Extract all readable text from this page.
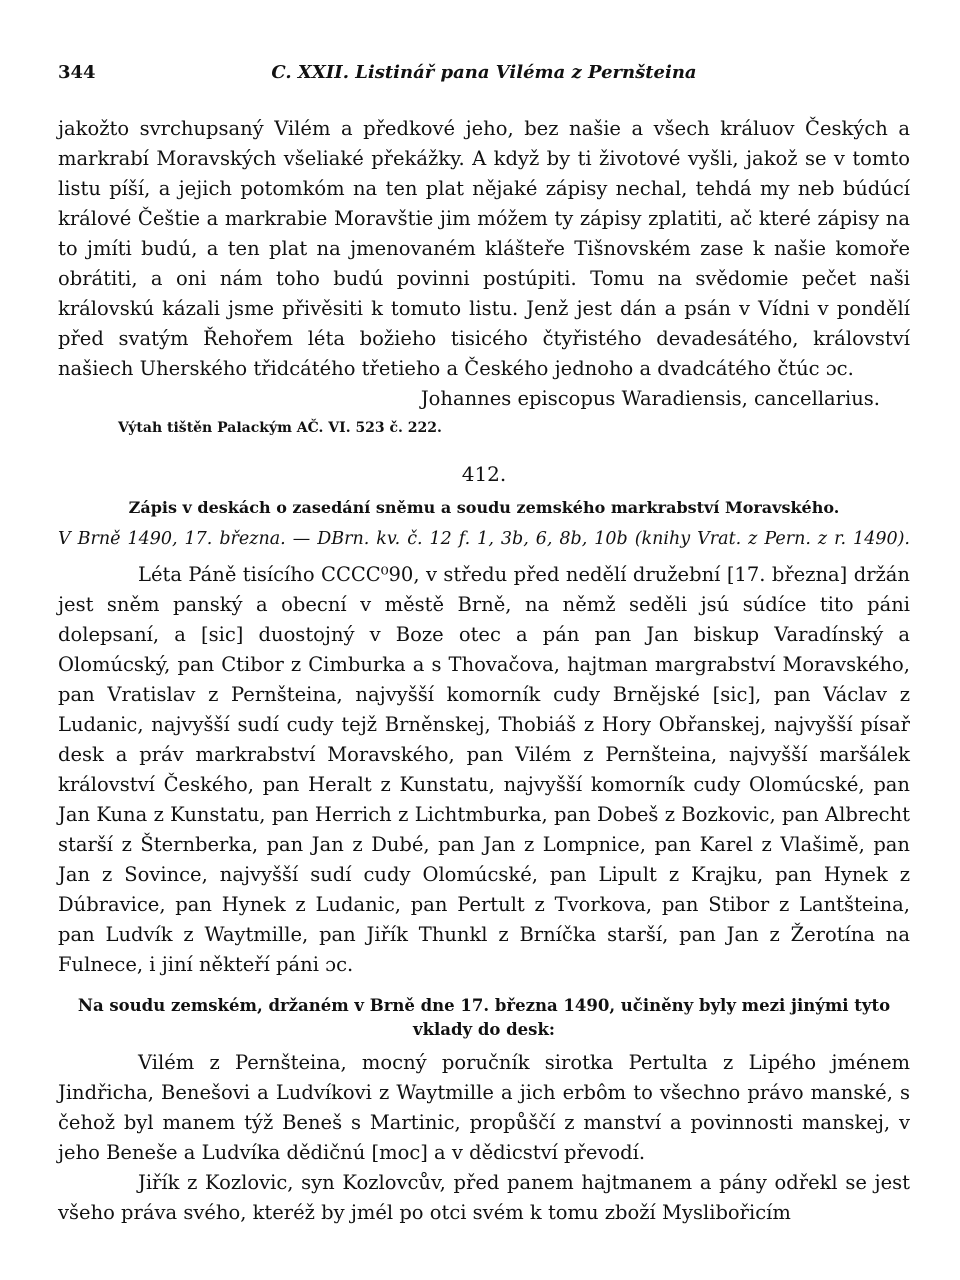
344	C. XXII. Listinář pana Viléma z Pernšteina

jakožto svrchupsaný Vilém a předkové jeho, bez našie a všech králuov Českých a markrabí Moravských všeliaké překážky. A když by ti životové vyšli, jakož se v tomto listu píší, a jejich potomkóm na ten plat nějaké zápisy nechal, tehdá my neb búdúcí králové Češtie a markrabie Moravštie jim móžem ty zápisy zplatiti, ač které zápisy na to jmíti budú, a ten plat na jmenovaném klášteře Tišnovském zase k našie komoře obrátiti, a oni nám toho budú povinni postúpiti. Tomu na svědomie pečet naši královskú kázali jsme přivěsiti k tomuto listu. Jenž jest dán a psán v Vídni v pondělí před svatým Řehořem léta božieho tisicého čtyřistého devadesátého, království našiech Uherského třidcátého třetieho a Českého jednoho a dvadcátého čtúc ɔc.

Johannes episcopus Waradiensis, cancellarius.

Výtah tištěn Palackým AČ. VI. 523 č. 222.
412.
Zápis v deskách o zasedání sněmu a soudu zemského markrabství Moravského.
V Brně 1490, 17. března. — DBrn. kv. č. 12 f. 1, 3b, 6, 8b, 10b (knihy Vrat. z Pern. z r. 1490).

Léta Páně tisícího CCCC⁰90, v středu před nedělí družební [17. března] držán jest sněm panský a obecní v městě Brně, na němž seděli jsú súdíce tito páni dolepsaní, a [sic] duostojný v Boze otec a pán pan Jan biskup Varadínský a Olomúcský, pan Ctibor z Cimburka a s Thovačova, hajtman margrabství Moravského, pan Vratislav z Pernšteina, najvyšší komorník cudy Brnějské [sic], pan Václav z Ludanic, najvyšší sudí cudy tejž Brněnskej, Thobiáš z Hory Obřanskej, najvyšší písař desk a práv markrabství Moravského, pan Vilém z Pernšteina, najvyšší maršálek království Českého, pan Heralt z Kunstatu, najvyšší komorník cudy Olomúcské, pan Jan Kuna z Kunstatu, pan Herrich z Lichtmburka, pan Dobeš z Bozkovic, pan Albrecht starší z Šternberka, pan Jan z Dubé, pan Jan z Lompnice, pan Karel z Vlašimě, pan Jan z Sovince, najvyšší sudí cudy Olomúcské, pan Lipult z Krajku, pan Hynek z Dúbravice, pan Hynek z Ludanic, pan Pertult z Tvorkova, pan Stibor z Lantšteina, pan Ludvík z Waytmille, pan Jiřík Thunkl z Brníčka starší, pan Jan z Žerotína na Fulnece, i jiní někteří páni ɔc.

Na soudu zemském, držaném v Brně dne 17. března 1490, učiněny byly mezi jinými tyto vklady do desk:

Vilém z Pernšteina, mocný poručník sirotka Pertulta z Lipého jménem Jindřicha, Benešovi a Ludvíkovi z Waytmille a jich erbôm to všechno právo manské, s čehož byl manem týž Beneš s Martinic, propůščí z manství a povinnosti manskej, v jeho Beneše a Ludvíka dědičnú [moc] a v dědicství převodí.

Jiřík z Kozlovic, syn Kozlovcův, před panem hajtmanem a pány odřekl se jest všeho práva svého, kteréž by jmél po otci svém k tomu zboží Myslibořicím
